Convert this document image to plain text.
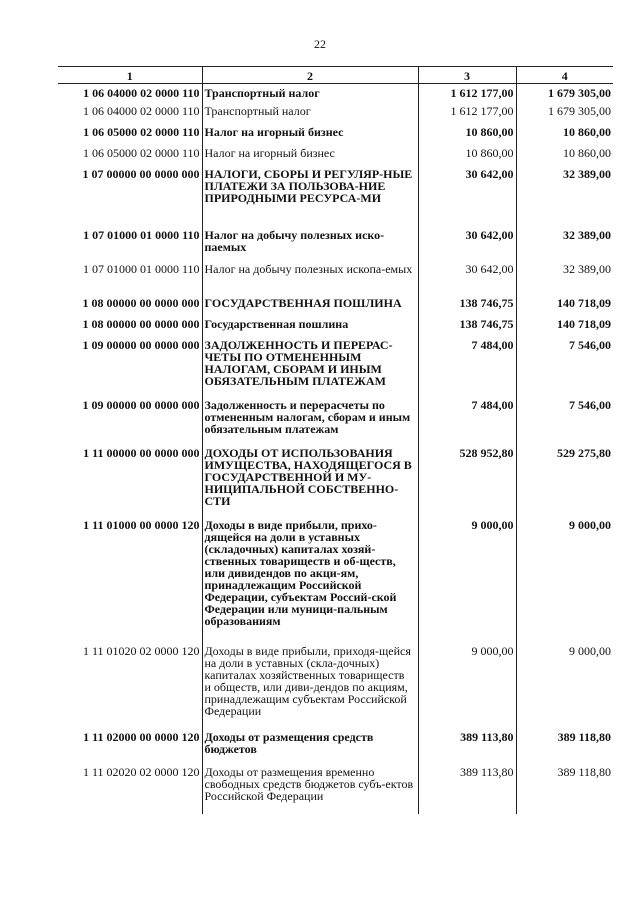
22
1	2	3	4
1 06 04000 02 0000 110	Транспортный налог	1 612 177,00	1 679 305,00
1 06 04000 02 0000 110	Транспортный налог	1 612 177,00	1 679 305,00
1 06 05000 02 0000 110	Налог на игорный бизнес	10 860,00	10 860,00
1 06 05000 02 0000 110	Налог на игорный бизнес	10 860,00	10 860,00
1 07 00000 00 0000 000	НАЛОГИ, СБОРЫ И РЕГУЛЯР-НЫЕ ПЛАТЕЖИ ЗА ПОЛЬЗОВА-НИЕ ПРИРОДНЫМИ РЕСУРСА-МИ	30 642,00	32 389,00
1 07 01000 01 0000 110	Налог на добычу полезных иско-паемых	30 642,00	32 389,00
1 07 01000 01 0000 110	Налог на добычу полезных ископа-емых	30 642,00	32 389,00
1 08 00000 00 0000 000	ГОСУДАРСТВЕННАЯ ПОШЛИНА	138 746,75	140 718,09
1 08 00000 00 0000 000	Государственная пошлина	138 746,75	140 718,09
1 09 00000 00 0000 000	ЗАДОЛЖЕННОСТЬ И ПЕРЕРАС-ЧЕТЫ ПО ОТМЕНЕННЫМ НАЛОГАМ, СБОРАМ И ИНЫМ ОБЯЗАТЕЛЬНЫМ ПЛАТЕЖАМ	7 484,00	7 546,00
1 09 00000 00 0000 000	Задолженность и перерасчеты по отмененным налогам, сборам и иным обязательным платежам	7 484,00	7 546,00
1 11 00000 00 0000 000	ДОХОДЫ ОТ ИСПОЛЬЗОВАНИЯ ИМУЩЕСТВА, НАХОДЯЩЕГОСЯ В ГОСУДАРСТВЕННОЙ И МУ-НИЦИПАЛЬНОЙ СОБСТВЕННО-СТИ	528 952,80	529 275,80
1 11 01000 00 0000 120	Доходы в виде прибыли, прихо-дящейся на доли в уставных (складочных) капиталах хозяй-ственных товариществ и об-ществ, или дивидендов по акци-ям, принадлежащим Российской Федерации, субъектам Россий-ской Федерации или муници-пальным образованиям	9 000,00	9 000,00
1 11 01020 02 0000 120	Доходы в виде прибыли, приходя-щейся на доли в уставных (скла-дочных) капиталах хозяйственных товариществ и обществ, или диви-дендов по акциям, принадлежащим субъектам Российской Федерации	9 000,00	9 000,00
1 11 02000 00 0000 120	Доходы от размещения средств бюджетов	389 113,80	389 118,80
1 11 02020 02 0000 120	Доходы от размещения временно свободных средств бюджетов субъ-ектов Российской Федерации	389 113,80	389 118,80
